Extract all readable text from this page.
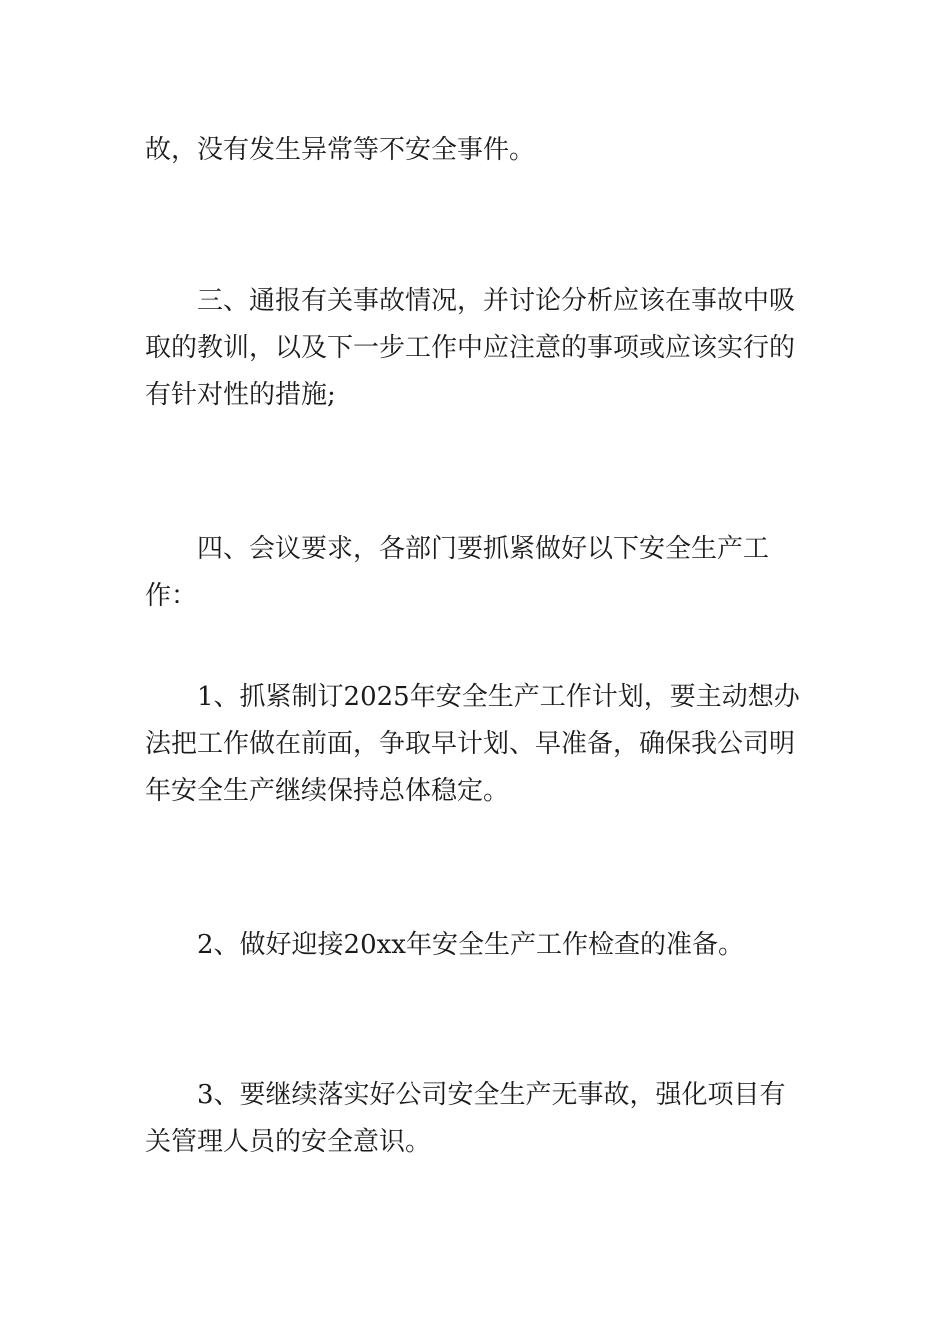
故，没有发生异常等不安全事件。

三、通报有关事故情况，并讨论分析应该在事故中吸取的教训，以及下一步工作中应注意的事项或应该实行的有针对性的措施;

四、会议要求，各部门要抓紧做好以下安全生产工作：

1、抓紧制订2025年安全生产工作计划，要主动想办法把工作做在前面，争取早计划、早准备，确保我公司明年安全生产继续保持总体稳定。

2、做好迎接20xx年安全生产工作检查的准备。

3、要继续落实好公司安全生产无事故，强化项目有关管理人员的安全意识。
